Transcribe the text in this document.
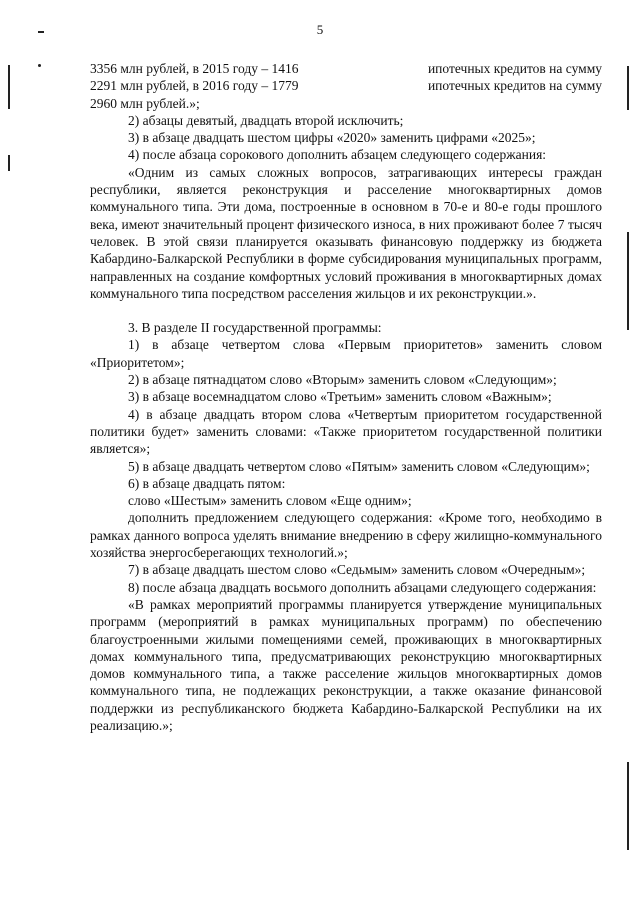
5
3356 млн рублей, в 2015 году – 1416	ипотечных кредитов на сумму
2291 млн рублей, в 2016 году – 1779	ипотечных кредитов на сумму

2960 млн рублей.»;

2) абзацы девятый, двадцать второй исключить;

3) в абзаце двадцать шестом цифры «2020» заменить цифрами «2025»;

4) после абзаца сорокового дополнить абзацем следующего содержания:

«Одним из самых сложных вопросов, затрагивающих интересы граждан республики, является реконструкция и расселение многоквартирных домов коммунального типа. Эти дома, построенные в основном в 70-е и 80-е годы прошлого века, имеют значительный процент физического износа, в них проживают более 7 тысяч человек. В этой связи планируется оказывать финансовую поддержку из бюджета Кабардино-Балкарской Республики в форме субсидирования муниципальных программ, направленных на создание комфортных условий проживания в многоквартирных домах коммунального типа посредством расселения жильцов и их реконструкции.».

3. В разделе II государственной программы:

1) в абзаце четвертом слова «Первым приоритетов» заменить словом «Приоритетом»;

2) в абзаце пятнадцатом слово «Вторым» заменить словом «Следующим»;

3) в абзаце восемнадцатом слово «Третьим» заменить словом «Важным»;

4) в абзаце двадцать втором слова «Четвертым приоритетом государственной политики будет» заменить словами: «Также приоритетом государственной политики является»;

5) в абзаце двадцать четвертом слово «Пятым» заменить словом «Следующим»;

6) в абзаце двадцать пятом:

слово «Шестым» заменить словом «Еще одним»;

дополнить предложением следующего содержания: «Кроме того, необходимо в рамках данного вопроса уделять внимание внедрению в сферу жилищно-коммунального хозяйства энергосберегающих технологий.»;

7) в абзаце двадцать шестом слово «Седьмым» заменить словом «Очередным»;

8) после абзаца двадцать восьмого дополнить абзацами следующего содержания:

«В рамках мероприятий программы планируется утверждение муниципальных программ (мероприятий в рамках муниципальных программ) по обеспечению благоустроенными жилыми помещениями семей, проживающих в многоквартирных домах коммунального типа, предусматривающих реконструкцию многоквартирных домов коммунального типа, а также расселение жильцов многоквартирных домов коммунального типа, не подлежащих реконструкции, а также оказание финансовой поддержки из республиканского бюджета Кабардино-Балкарской Республики на их реализацию.»;
